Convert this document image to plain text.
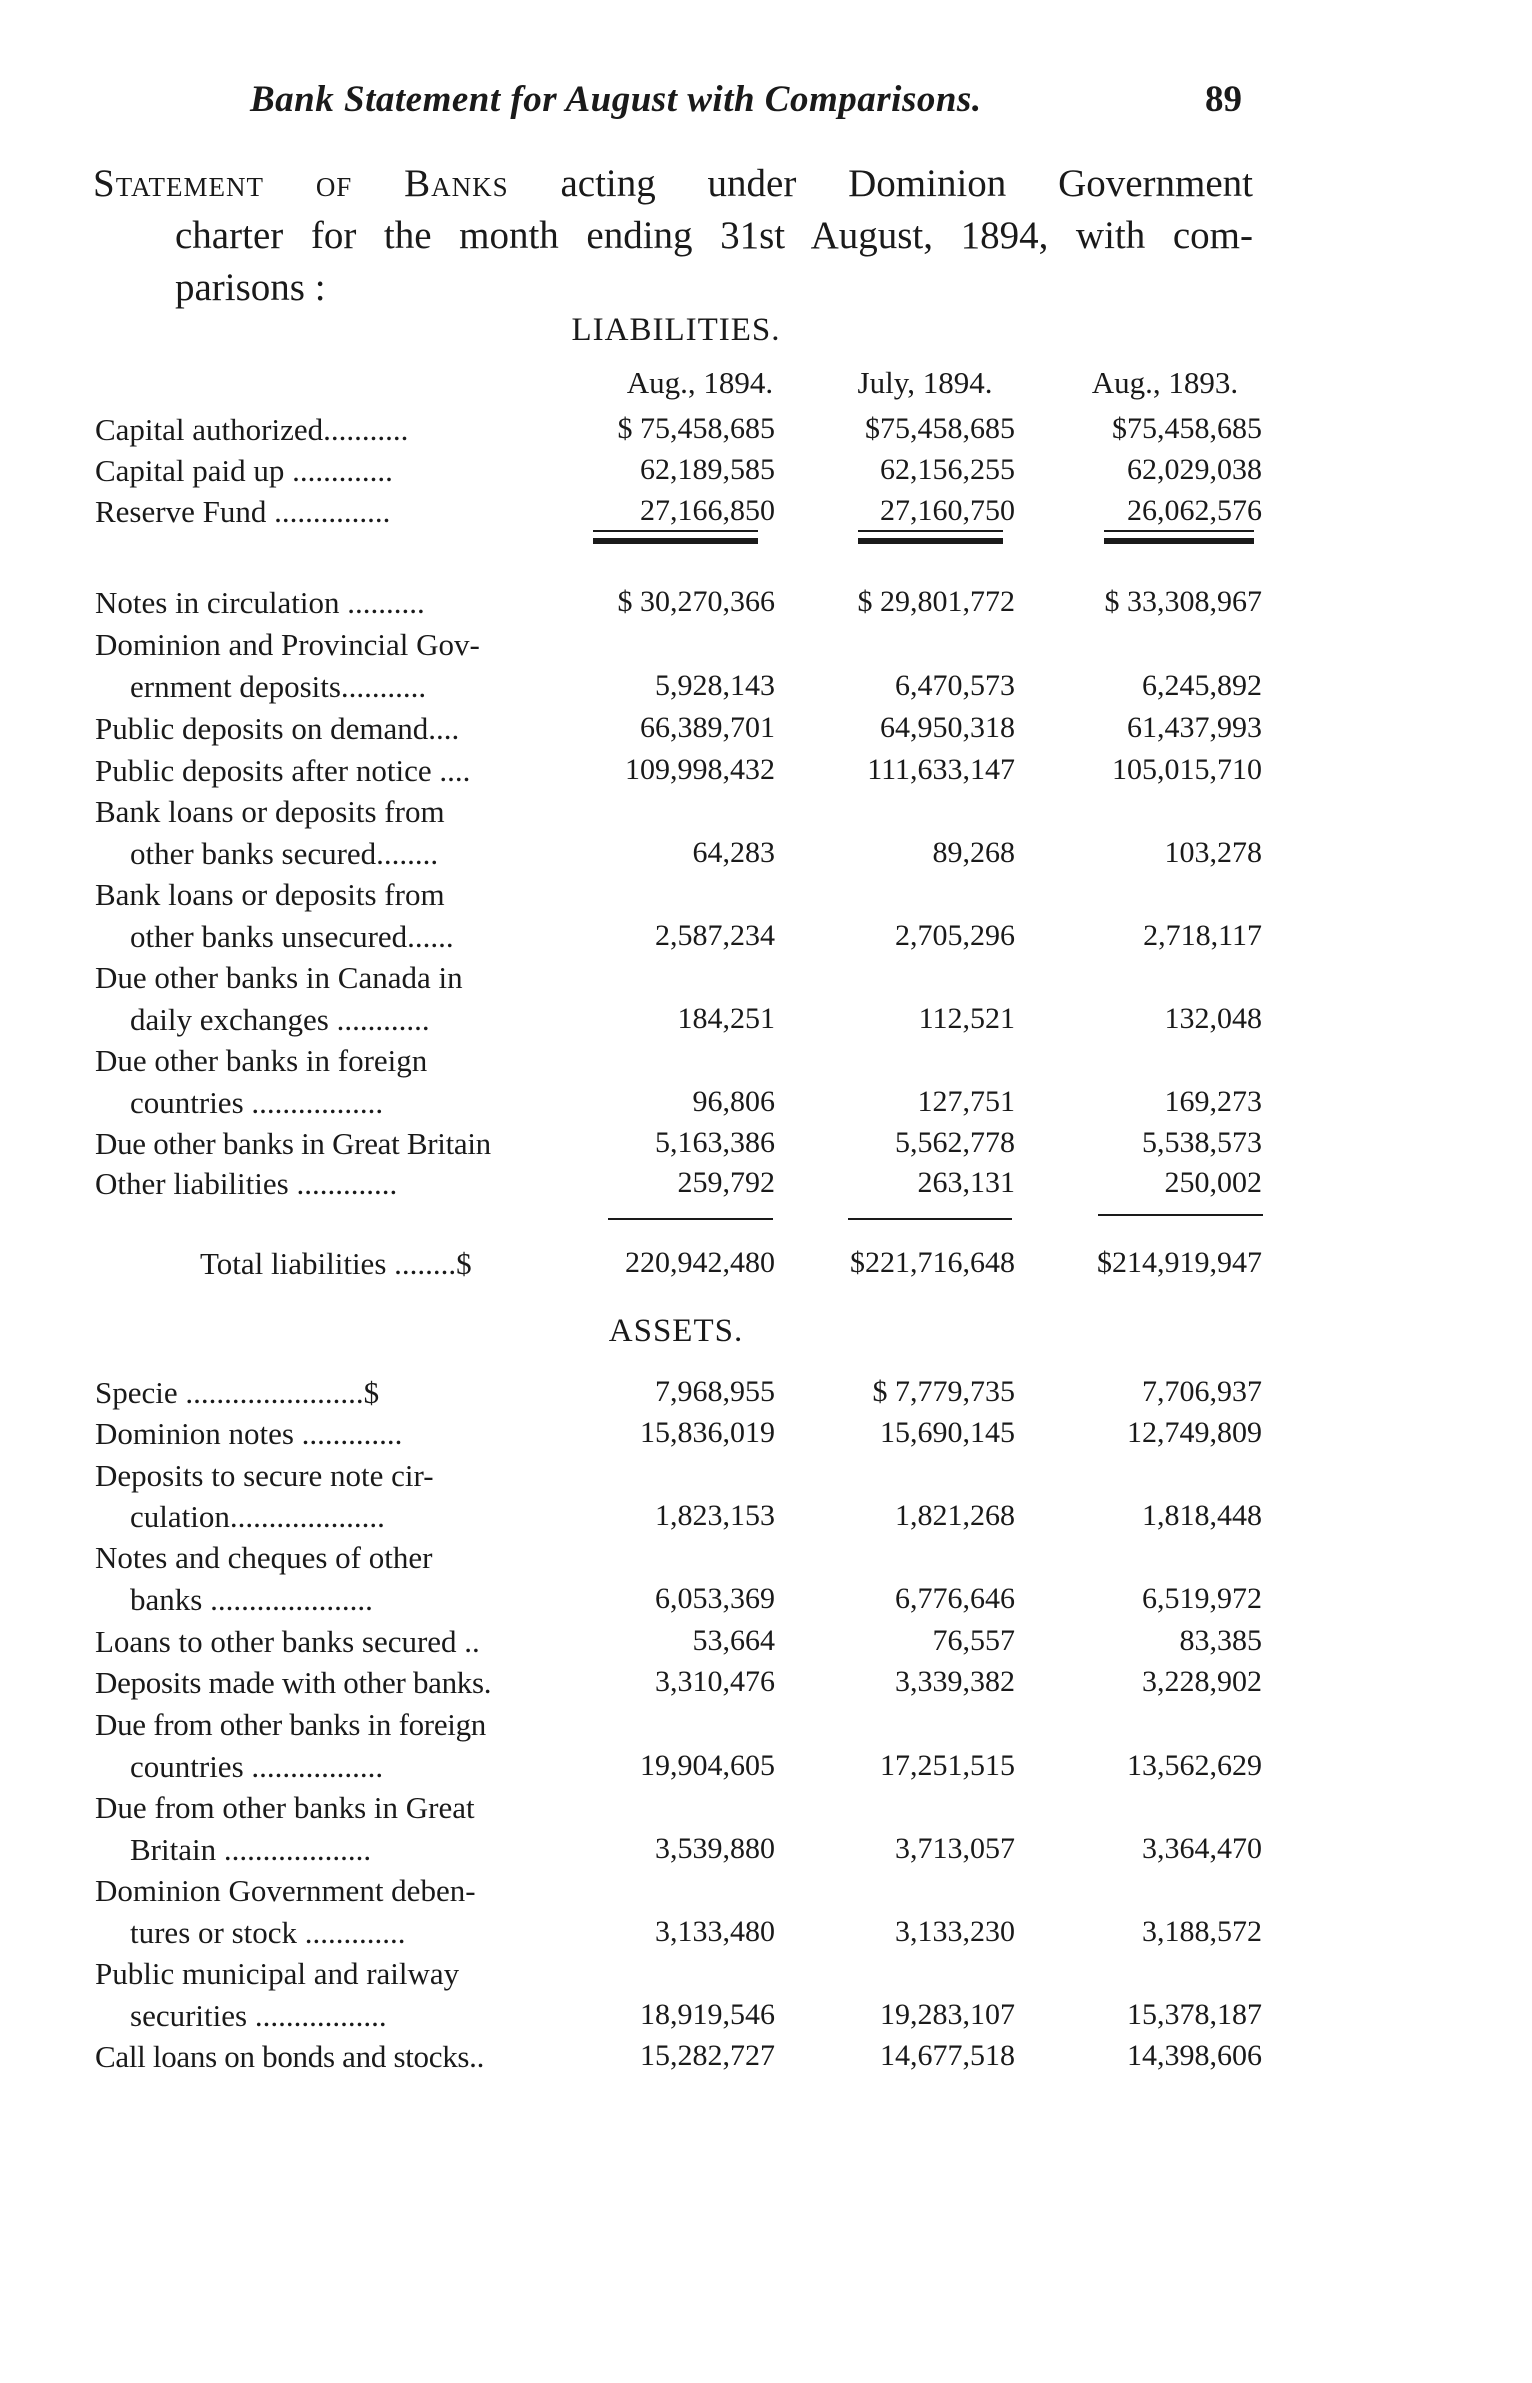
Bank Statement for August with Comparisons.	89
Statement of Banks acting under Dominion Government
charter for the month ending 31st August, 1894, with com-
parisons :
LIABILITIES.
Aug., 1894.	July, 1894.	Aug., 1893.
Capital authorized...........	$ 75,458,685	$75,458,685	$75,458,685
Capital paid up .............	62,189,585	62,156,255	62,029,038
Reserve Fund ...............	27,166,850	27,160,750	26,062,576
Notes in circulation ..........	$ 30,270,366	$ 29,801,772	$ 33,308,967
Dominion and Provincial Gov-
ernment deposits...........	5,928,143	6,470,573	6,245,892
Public deposits on demand....	66,389,701	64,950,318	61,437,993
Public deposits after notice ....	109,998,432	111,633,147	105,015,710
Bank loans or deposits from
other banks secured........	64,283	89,268	103,278
Bank loans or deposits from
other banks unsecured......	2,587,234	2,705,296	2,718,117
Due other banks in Canada in
daily exchanges ............	184,251	112,521	132,048
Due other banks in foreign
countries .................	96,806	127,751	169,273
Due other banks in Great Britain	5,163,386	5,562,778	5,538,573
Other liabilities .............	259,792	263,131	250,002
Total liabilities ........$	220,942,480	$221,716,648	$214,919,947
ASSETS.
Specie .......................$	7,968,955	$ 7,779,735	7,706,937
Dominion notes .............	15,836,019	15,690,145	12,749,809
Deposits to secure note cir-
culation....................	1,823,153	1,821,268	1,818,448
Notes and cheques of other
banks .....................	6,053,369	6,776,646	6,519,972
Loans to other banks secured ..	53,664	76,557	83,385
Deposits made with other banks.	3,310,476	3,339,382	3,228,902
Due from other banks in foreign
countries .................	19,904,605	17,251,515	13,562,629
Due from other banks in Great
Britain ...................	3,539,880	3,713,057	3,364,470
Dominion Government deben-
tures or stock .............	3,133,480	3,133,230	3,188,572
Public municipal and railway
securities .................	18,919,546	19,283,107	15,378,187
Call loans on bonds and stocks..	15,282,727	14,677,518	14,398,606
